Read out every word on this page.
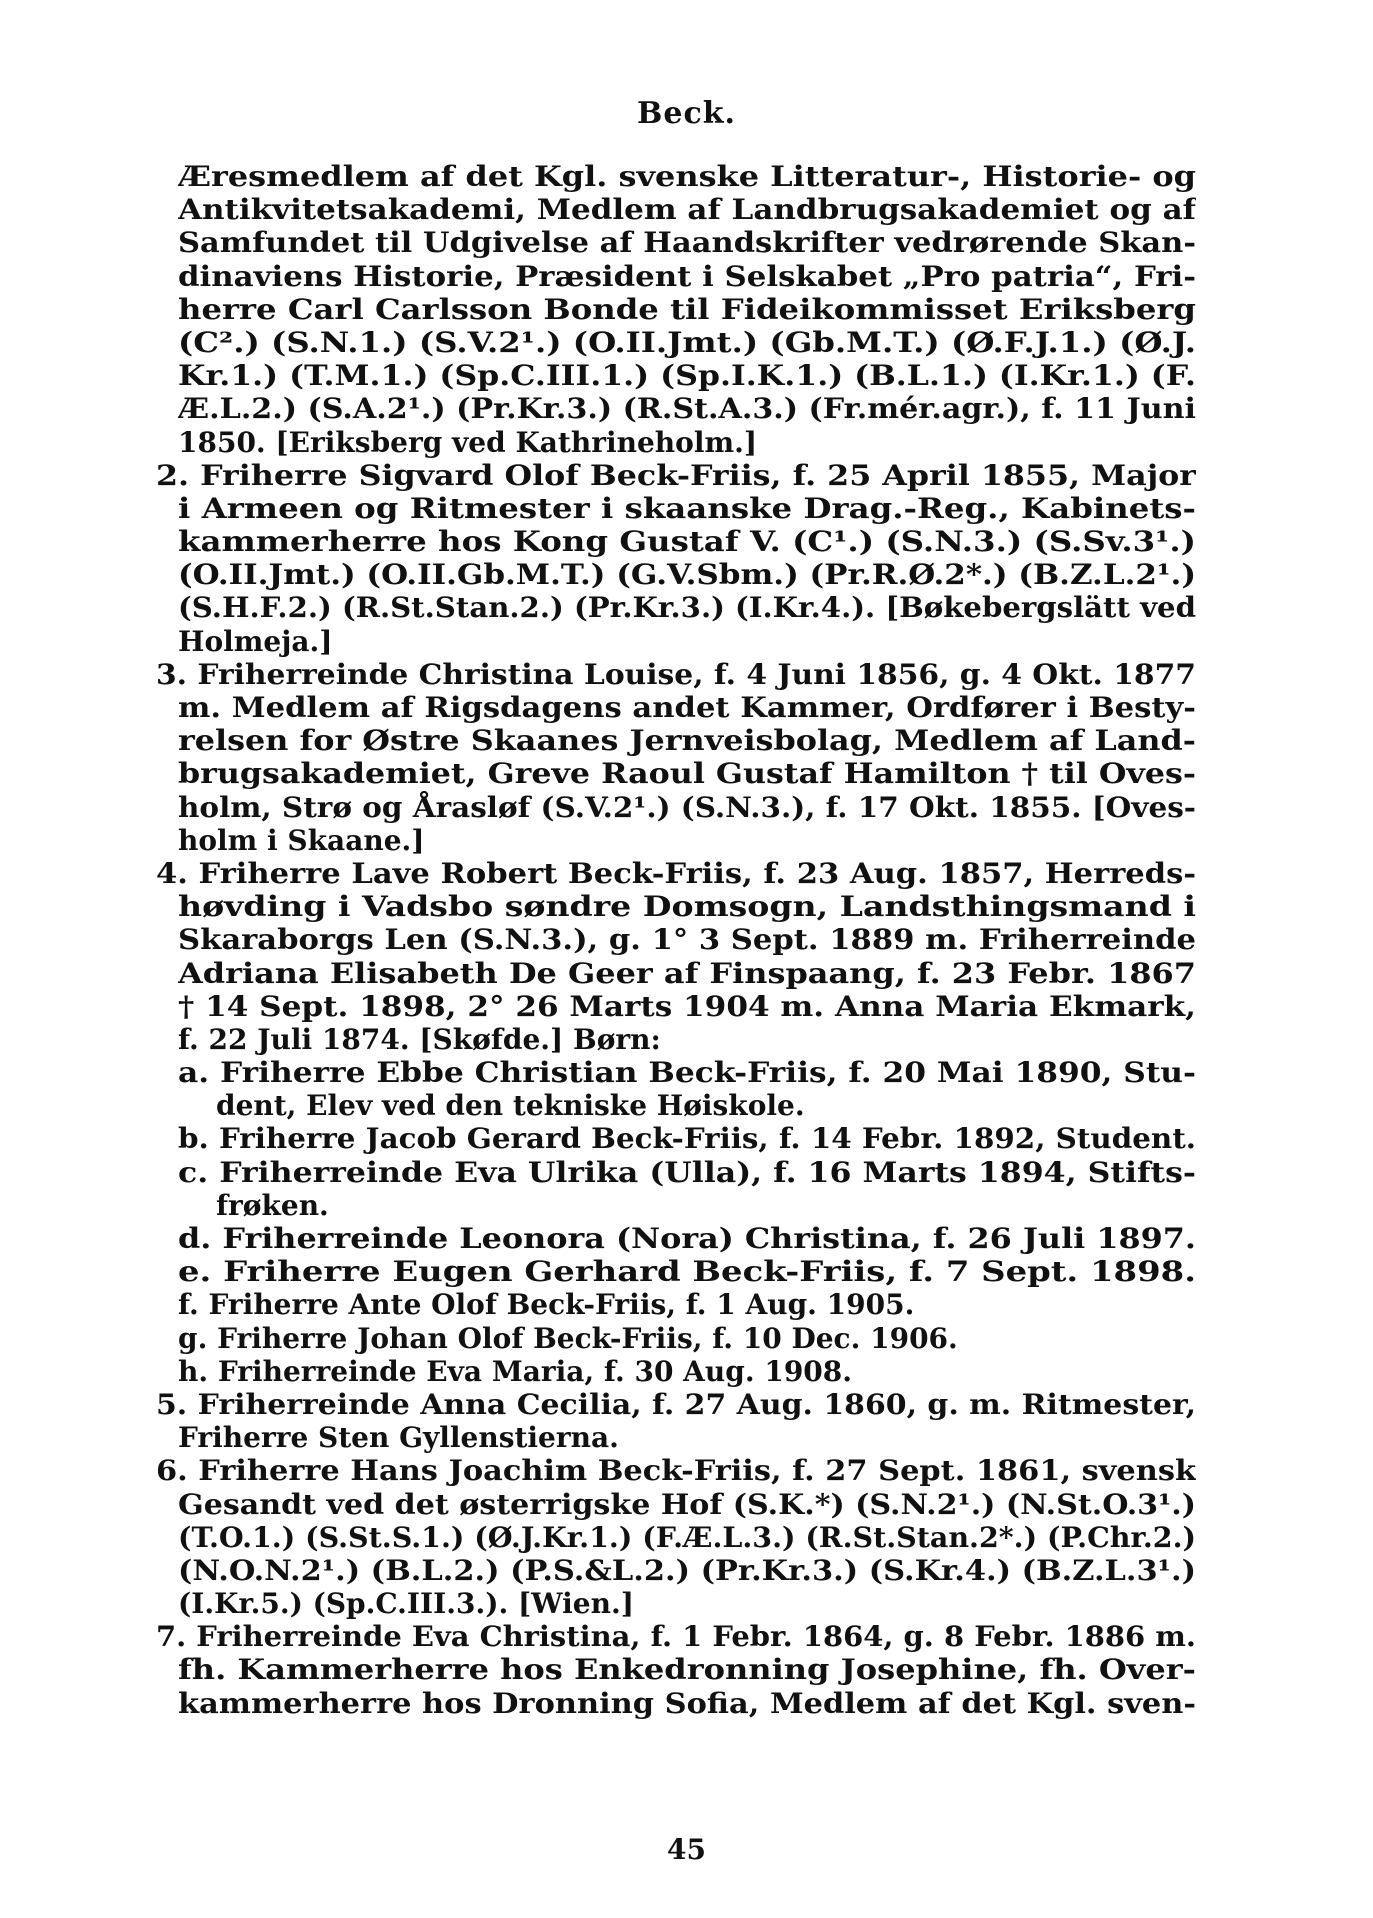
Beck.
Æresmedlem af det Kgl. svenske Litteratur-, Historie- og
Antikvitetsakademi, Medlem af Landbrugsakademiet og af
Samfundet til Udgivelse af Haandskrifter vedrørende Skan-
dinaviens Historie, Præsident i Selskabet „Pro patria“, Fri-
herre Carl Carlsson Bonde til Fideikommisset Eriksberg
(C².) (S.N.1.) (S.V.2¹.) (O.II.Jmt.) (Gb.M.T.) (Ø.F.J.1.) (Ø.J.
Kr.1.) (T.M.1.) (Sp.C.III.1.) (Sp.I.K.1.) (B.L.1.) (I.Kr.1.) (F.
Æ.L.2.) (S.A.2¹.) (Pr.Kr.3.) (R.St.A.3.) (Fr.mér.agr.), f. 11 Juni
1850. [Eriksberg ved Kathrineholm.]
2. Friherre Sigvard Olof Beck-Friis, f. 25 April 1855, Major
i Armeen og Ritmester i skaanske Drag.-Reg., Kabinets-
kammerherre hos Kong Gustaf V. (C¹.) (S.N.3.) (S.Sv.3¹.)
(O.II.Jmt.) (O.II.Gb.M.T.) (G.V.Sbm.) (Pr.R.Ø.2*.) (B.Z.L.2¹.)
(S.H.F.2.) (R.St.Stan.2.) (Pr.Kr.3.) (I.Kr.4.). [Bøkebergslätt ved
Holmeja.]
3. Friherreinde Christina Louise, f. 4 Juni 1856, g. 4 Okt. 1877
m. Medlem af Rigsdagens andet Kammer, Ordfører i Besty-
relsen for Østre Skaanes Jernveisbolag, Medlem af Land-
brugsakademiet, Greve Raoul Gustaf Hamilton † til Oves-
holm, Strø og Årasløf (S.V.2¹.) (S.N.3.), f. 17 Okt. 1855. [Oves-
holm i Skaane.]
4. Friherre Lave Robert Beck-Friis, f. 23 Aug. 1857, Herreds-
høvding i Vadsbo søndre Domsogn, Landsthingsmand i
Skaraborgs Len (S.N.3.), g. 1° 3 Sept. 1889 m. Friherreinde
Adriana Elisabeth De Geer af Finspaang, f. 23 Febr. 1867
† 14 Sept. 1898, 2° 26 Marts 1904 m. Anna Maria Ekmark,
f. 22 Juli 1874. [Skøfde.] Børn:
a. Friherre Ebbe Christian Beck-Friis, f. 20 Mai 1890, Stu-
dent, Elev ved den tekniske Høiskole.
b. Friherre Jacob Gerard Beck-Friis, f. 14 Febr. 1892, Student.
c. Friherreinde Eva Ulrika (Ulla), f. 16 Marts 1894, Stifts-
frøken.
d. Friherreinde Leonora (Nora) Christina, f. 26 Juli 1897.
e. Friherre Eugen Gerhard Beck-Friis, f. 7 Sept. 1898.
f. Friherre Ante Olof Beck-Friis, f. 1 Aug. 1905.
g. Friherre Johan Olof Beck-Friis, f. 10 Dec. 1906.
h. Friherreinde Eva Maria, f. 30 Aug. 1908.
5. Friherreinde Anna Cecilia, f. 27 Aug. 1860, g. m. Ritmester,
Friherre Sten Gyllenstierna.
6. Friherre Hans Joachim Beck-Friis, f. 27 Sept. 1861, svensk
Gesandt ved det østerrigske Hof (S.K.*) (S.N.2¹.) (N.St.O.3¹.)
(T.O.1.) (S.St.S.1.) (Ø.J.Kr.1.) (F.Æ.L.3.) (R.St.Stan.2*.) (P.Chr.2.)
(N.O.N.2¹.) (B.L.2.) (P.S.&L.2.) (Pr.Kr.3.) (S.Kr.4.) (B.Z.L.3¹.)
(I.Kr.5.) (Sp.C.III.3.). [Wien.]
7. Friherreinde Eva Christina, f. 1 Febr. 1864, g. 8 Febr. 1886 m.
fh. Kammerherre hos Enkedronning Josephine, fh. Over-
kammerherre hos Dronning Sofia, Medlem af det Kgl. sven-
45
